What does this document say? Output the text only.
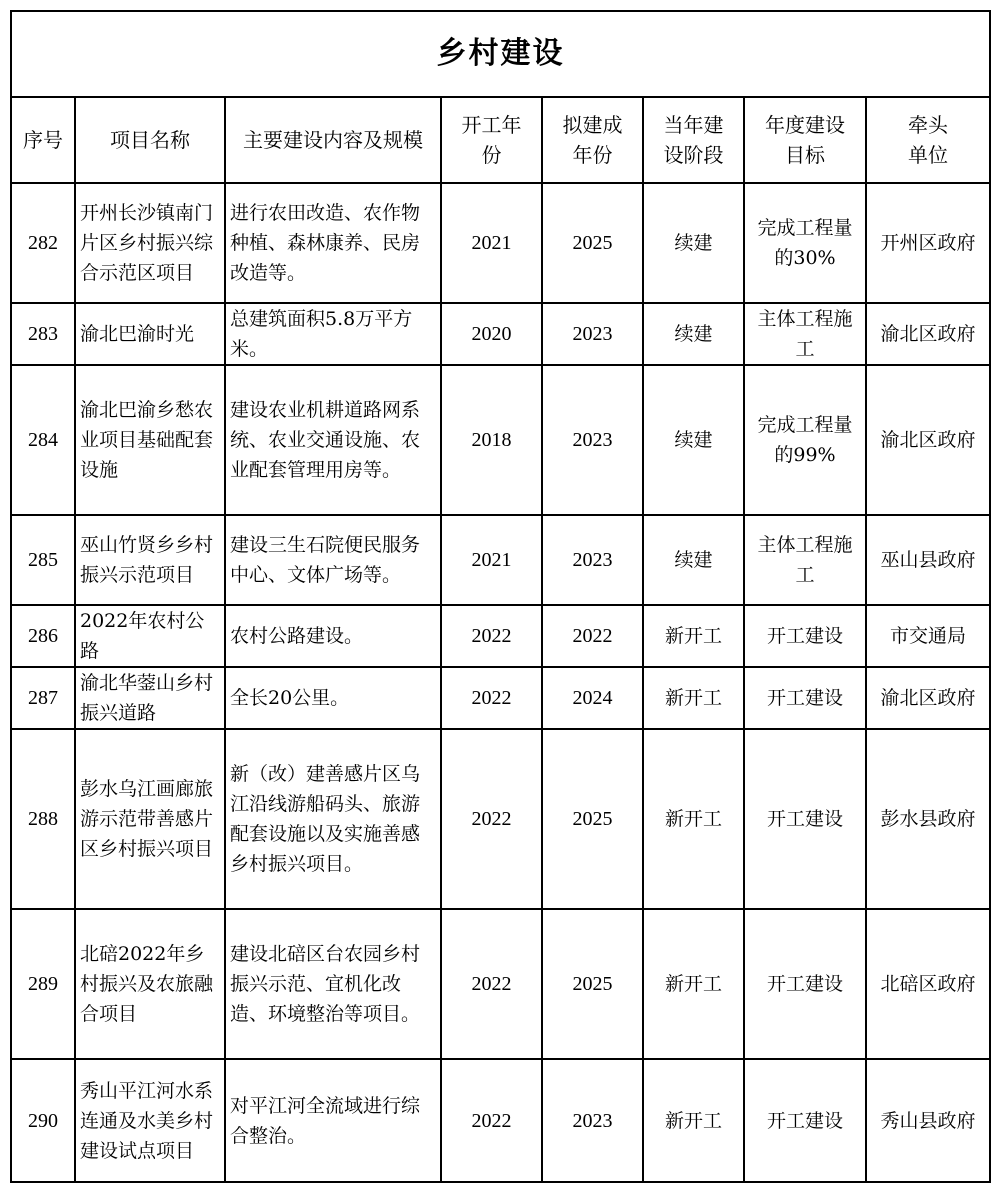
乡村建设							
序号	项目名称	主要建设内容及规模	开工年份	拟建成年份	当年建设阶段	年度建设目标	牵头单位
282	开州长沙镇南门片区乡村振兴综合示范区项目	进行农田改造、农作物种植、森林康养、民房改造等。	2021	2025	续建	完成工程量的30%	开州区政府
283	渝北巴渝时光	总建筑面积5.8万平方米。	2020	2023	续建	主体工程施工	渝北区政府
284	渝北巴渝乡愁农业项目基础配套设施	建设农业机耕道路网系统、农业交通设施、农业配套管理用房等。	2018	2023	续建	完成工程量的99%	渝北区政府
285	巫山竹贤乡乡村振兴示范项目	建设三生石院便民服务中心、文体广场等。	2021	2023	续建	主体工程施工	巫山县政府
286	2022年农村公路	农村公路建设。	2022	2022	新开工	开工建设	市交通局
287	渝北华蓥山乡村振兴道路	全长20公里。	2022	2024	新开工	开工建设	渝北区政府
288	彭水乌江画廊旅游示范带善感片区乡村振兴项目	新（改）建善感片区乌江沿线游船码头、旅游配套设施以及实施善感乡村振兴项目。	2022	2025	新开工	开工建设	彭水县政府
289	北碚2022年乡村振兴及农旅融合项目	建设北碚区台农园乡村振兴示范、宜机化改造、环境整治等项目。	2022	2025	新开工	开工建设	北碚区政府
290	秀山平江河水系连通及水美乡村建设试点项目	对平江河全流域进行综合整治。	2022	2023	新开工	开工建设	秀山县政府
